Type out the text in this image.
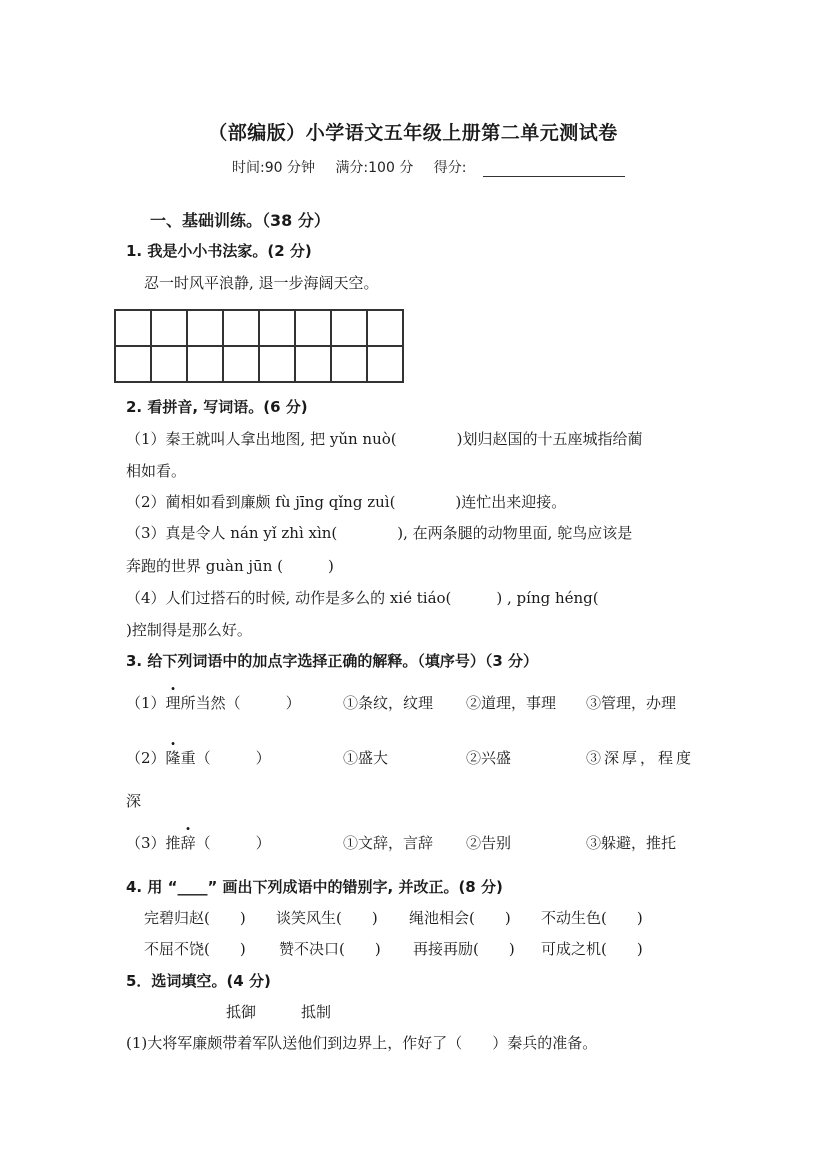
（部编版）小学语文五年级上册第二单元测试卷
时间:90 分钟 满分:100 分 得分:
一、基础训练。（38 分）
1. 我是小小书法家。(2 分)
忍一时风平浪静, 退一步海阔天空。

2. 看拼音, 写词语。(6 分)
（1）秦王就叫人拿出地图, 把 yǔn nuò(　　　　)划归赵国的十五座城指给蔺
相如看。
（2）蔺相如看到廉颇 fù jīng qǐng zuì(　　　　)连忙出来迎接。
（3）真是令人 nán yǐ zhì xìn(　　　　), 在两条腿的动物里面, 鸵鸟应该是
奔跑的世界 guàn jūn (　　　)
（4）人们过搭石的时候, 动作是多么的 xié tiáo(　　　) , píng héng(
)控制得是那么好。
3. 给下列词语中的加点字选择正确的解释。（填序号）（3 分）
（1）理所当然（　　　）	①条纹，纹理 ②道理，事理 ③管理，办理
（2）隆重（　　　）	①盛大	②兴盛	③深厚，程度
深
（3）推辞（　　　）	①文辞，言辞 ②告别	③躲避，推托
4. 用 “____” 画出下列成语中的错别字, 并改正。(8 分)
完碧归赵(　　) 谈笑风生(　　) 绳池相会(　　) 不动生色(　　)
不屈不饶(　　) 赞不决口(　　) 再接再励(　　) 可成之机(　　)
5．选词填空。(4 分)
抵御	抵制
(1)大将军廉颇带着军队送他们到边界上，作好了（　　）秦兵的准备。
